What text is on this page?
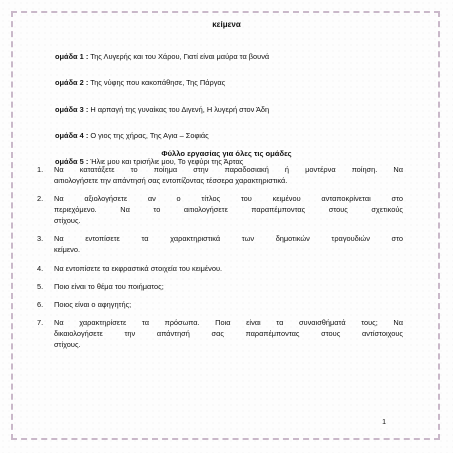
κείμενα
ομάδα 1 : Της Λυγερής και του Χάρου, Γιατί είναι μαύρα τα βουνά
ομάδα 2 : Της νύφης που κακοπάθησε, Της Πάργας
ομάδα 3 : Η αρπαγή της γυναίκας του Διγενή, Η λυγερή στον Άδη
ομάδα 4 : Ο γιος της χήρας, Της Αγια – Σοφιάς
ομάδα 5 : Ήλιε μου και τρισήλιε μου, Το γεφύρι της Άρτας
Φύλλο εργασίας για όλες τις ομάδες
1. Να κατατάξετε το ποίημα στην παραδοσιακή ή μοντέρνα ποίηση. Να
αιτιολογήσετε την απάντησή σας εντοπίζοντας τέσσερα χαρακτηριστικά.
2. Να αξιολογήσετε αν ο τίτλος του κειμένου ανταποκρίνεται στο
περιεχόμενο. Να το αιτιολογήσετε παραπέμποντας στους σχετικούς
στίχους.
3. Να εντοπίσετε τα χαρακτηριστικά των δημοτικών τραγουδιών στο
κείμενο.
4. Να εντοπίσετε τα εκφραστικά στοιχεία του κειμένου.
5. Ποιο είναι το θέμα του ποιήματος;
6. Ποιος είναι ο αφηγητής;
7. Να χαρακτηρίσετε τα πρόσωπα. Ποια είναι τα συναισθήματά τους; Να
δικαιολογήσετε την απάντησή σας παραπέμποντας στους αντίστοιχους
στίχους.
1
